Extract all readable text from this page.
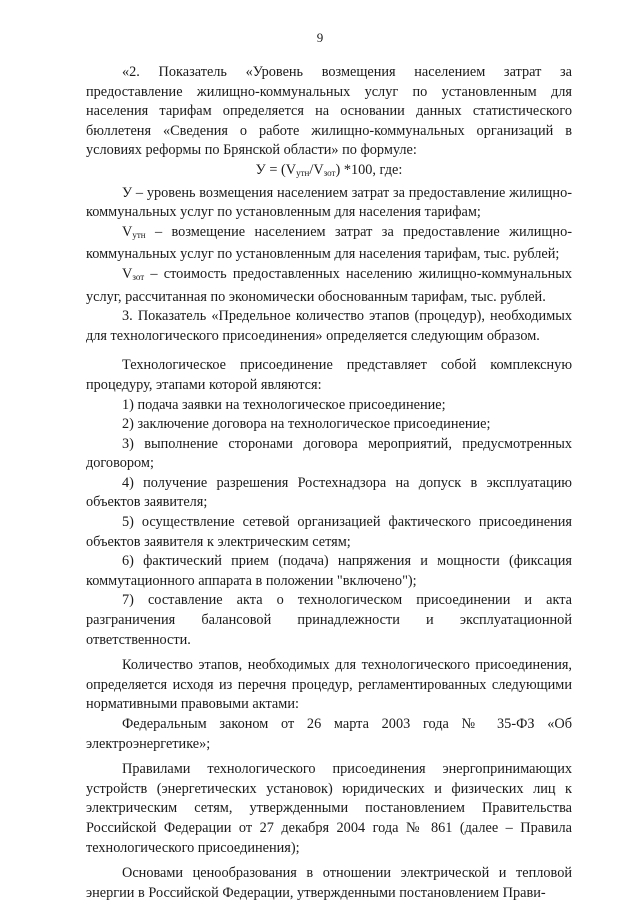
9

«2. Показатель «Уровень возмещения населением затрат за предоставление жилищно-коммунальных услуг по установленным для населения тарифам определяется на основании данных статистического бюллетеня «Сведения о работе жилищно-коммунальных организаций в условиях реформы по Брянской области» по формуле:

$У = (V_{утн}/V_{зот})$ *100, где:

У – уровень возмещения населением затрат за предоставление жилищно-коммунальных услуг по установленным для населения тарифам;

$V_{утн}$ – возмещение населением затрат за предоставление жилищно-коммунальных услуг по установленным для населения тарифам, тыс. рублей;

$V_{зот}$ – стоимость предоставленных населению жилищно-коммунальных услуг, рассчитанная по экономически обоснованным тарифам, тыс. рублей.

3. Показатель «Предельное количество этапов (процедур), необходимых для технологического присоединения» определяется следующим образом.

Технологическое присоединение представляет собой комплексную процедуру, этапами которой являются:

1) подача заявки на технологическое присоединение;

2) заключение договора на технологическое присоединение;

3) выполнение сторонами договора мероприятий, предусмотренных договором;

4) получение разрешения Ростехнадзора на допуск в эксплуатацию объектов заявителя;

5) осуществление сетевой организацией фактического присоединения объектов заявителя к электрическим сетям;

6) фактический прием (подача) напряжения и мощности (фиксация коммутационного аппарата в положении "включено");

7) составление акта о технологическом присоединении и акта разграничения балансовой принадлежности и эксплуатационной ответственности.

Количество этапов, необходимых для технологического присоединения, определяется исходя из перечня процедур, регламентированных следующими нормативными правовыми актами:

Федеральным законом от 26 марта 2003 года № 35-ФЗ «Об электроэнергетике»;

Правилами технологического присоединения энергопринимающих устройств (энергетических установок) юридических и физических лиц к электрическим сетям, утвержденными постановлением Правительства Российской Федерации от 27 декабря 2004 года № 861 (далее – Правила технологического присоединения);

Основами ценообразования в отношении электрической и тепловой энергии в Российской Федерации, утвержденными постановлением Прави-
